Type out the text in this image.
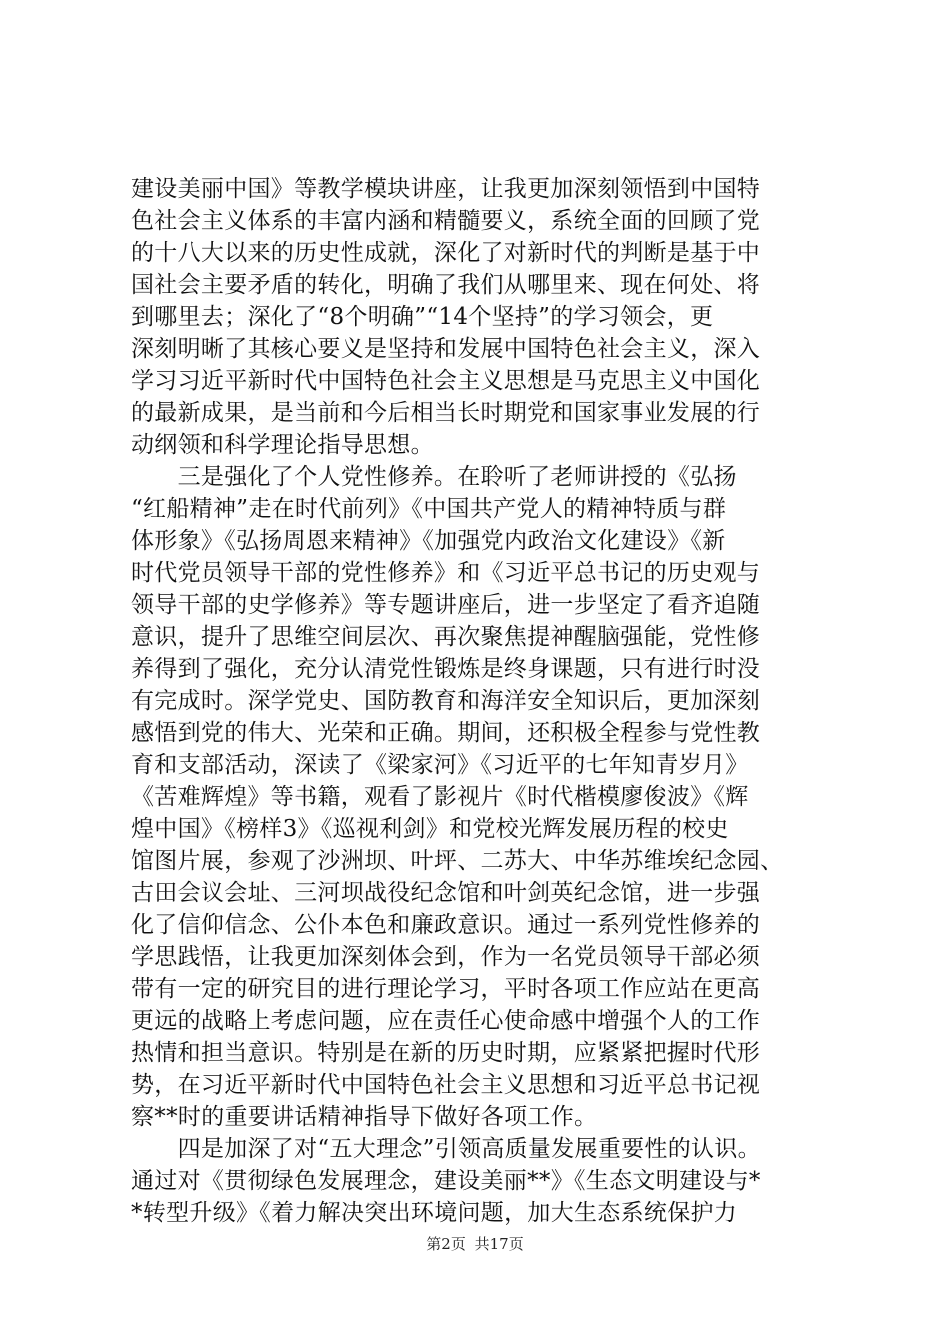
建设美丽中国》等教学模块讲座，让我更加深刻领悟到中国特
色社会主义体系的丰富内涵和精髓要义，系统全面的回顾了党
的十八大以来的历史性成就，深化了对新时代的判断是基于中
国社会主要矛盾的转化，明确了我们从哪里来、现在何处、将
到哪里去；深化了“8个明确”“14个坚持”的学习领会，更
深刻明晰了其核心要义是坚持和发展中国特色社会主义，深入
学习习近平新时代中国特色社会主义思想是马克思主义中国化
的最新成果，是当前和今后相当长时期党和国家事业发展的行
动纲领和科学理论指导思想。
　　三是强化了个人党性修养。在聆听了老师讲授的《弘扬
“红船精神”走在时代前列》《中国共产党人的精神特质与群
体形象》《弘扬周恩来精神》《加强党内政治文化建设》《新
时代党员领导干部的党性修养》和《习近平总书记的历史观与
领导干部的史学修养》等专题讲座后，进一步坚定了看齐追随
意识，提升了思维空间层次、再次聚焦提神醒脑强能，党性修
养得到了强化，充分认清党性锻炼是终身课题，只有进行时没
有完成时。深学党史、国防教育和海洋安全知识后，更加深刻
感悟到党的伟大、光荣和正确。期间，还积极全程参与党性教
育和支部活动，深读了《梁家河》《习近平的七年知青岁月》
《苦难辉煌》等书籍，观看了影视片《时代楷模廖俊波》《辉
煌中国》《榜样3》《巡视利剑》和党校光辉发展历程的校史
馆图片展，参观了沙洲坝、叶坪、二苏大、中华苏维埃纪念园、
古田会议会址、三河坝战役纪念馆和叶剑英纪念馆，进一步强
化了信仰信念、公仆本色和廉政意识。通过一系列党性修养的
学思践悟，让我更加深刻体会到，作为一名党员领导干部必须
带有一定的研究目的进行理论学习，平时各项工作应站在更高
更远的战略上考虑问题，应在责任心使命感中增强个人的工作
热情和担当意识。特别是在新的历史时期，应紧紧把握时代形
势，在习近平新时代中国特色社会主义思想和习近平总书记视
察**时的重要讲话精神指导下做好各项工作。
　　四是加深了对“五大理念”引领高质量发展重要性的认识。
通过对《贯彻绿色发展理念，建设美丽**》《生态文明建设与*
*转型升级》《着力解决突出环境问题，加大生态系统保护力
第2页 共17页
